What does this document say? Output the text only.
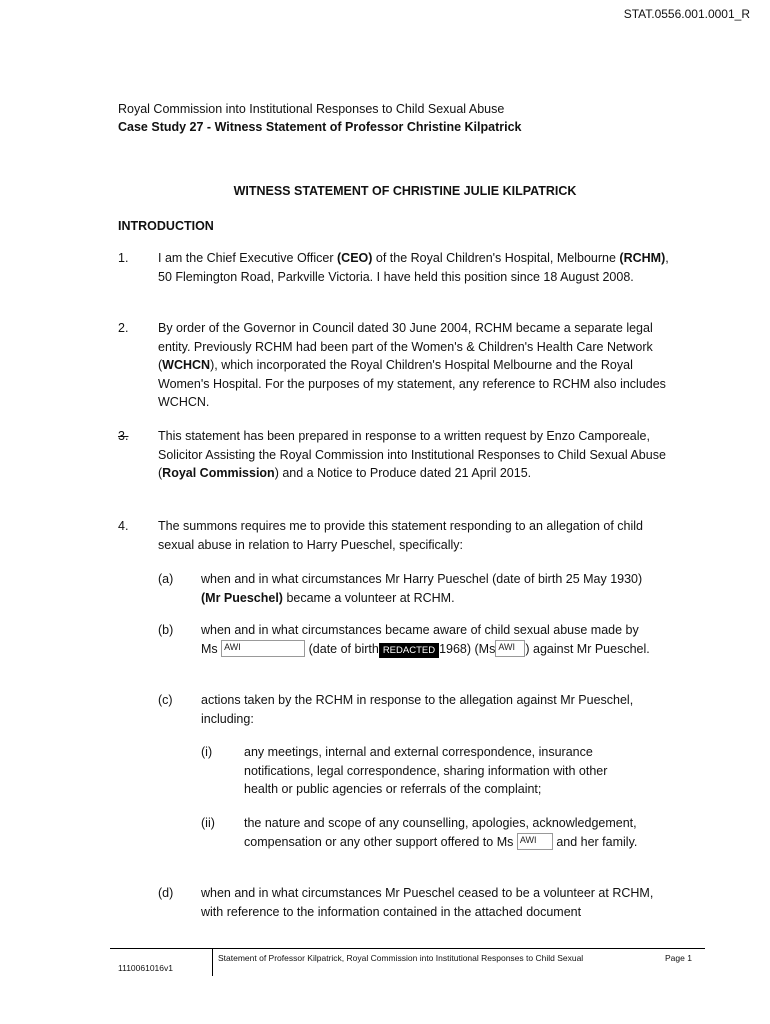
STAT.0556.001.0001_R
Royal Commission into Institutional Responses to Child Sexual Abuse
Case Study 27 - Witness Statement of Professor Christine Kilpatrick
WITNESS STATEMENT OF CHRISTINE JULIE KILPATRICK
INTRODUCTION
1. I am the Chief Executive Officer (CEO) of the Royal Children's Hospital, Melbourne (RCHM), 50 Flemington Road, Parkville Victoria. I have held this position since 18 August 2008.
2. By order of the Governor in Council dated 30 June 2004, RCHM became a separate legal entity. Previously RCHM had been part of the Women's & Children's Health Care Network (WCHCN), which incorporated the Royal Children's Hospital Melbourne and the Royal Women's Hospital. For the purposes of my statement, any reference to RCHM also includes WCHCN.
3. This statement has been prepared in response to a written request by Enzo Camporeale, Solicitor Assisting the Royal Commission into Institutional Responses to Child Sexual Abuse (Royal Commission) and a Notice to Produce dated 21 April 2015.
4. The summons requires me to provide this statement responding to an allegation of child sexual abuse in relation to Harry Pueschel, specifically:
(a) when and in what circumstances Mr Harry Pueschel (date of birth 25 May 1930) (Mr Pueschel) became a volunteer at RCHM.
(b) when and in what circumstances became aware of child sexual abuse made by Ms AWI	(date of birth REDACTED 1968) (Ms AWI ) against Mr Pueschel.
(c) actions taken by the RCHM in response to the allegation against Mr Pueschel, including:
(i)	any meetings, internal and external correspondence, insurance notifications, legal correspondence, sharing information with other health or public agencies or referrals of the complaint;
(ii) the nature and scope of any counselling, apologies, acknowledgement, compensation or any other support offered to Ms AWI and her family.
(d) when and in what circumstances Mr Pueschel ceased to be a volunteer at RCHM, with reference to the information contained in the attached document
1110061016v1
Statement of Professor Kilpatrick, Royal Commission into Institutional Responses to Child Sexual	Page 1
